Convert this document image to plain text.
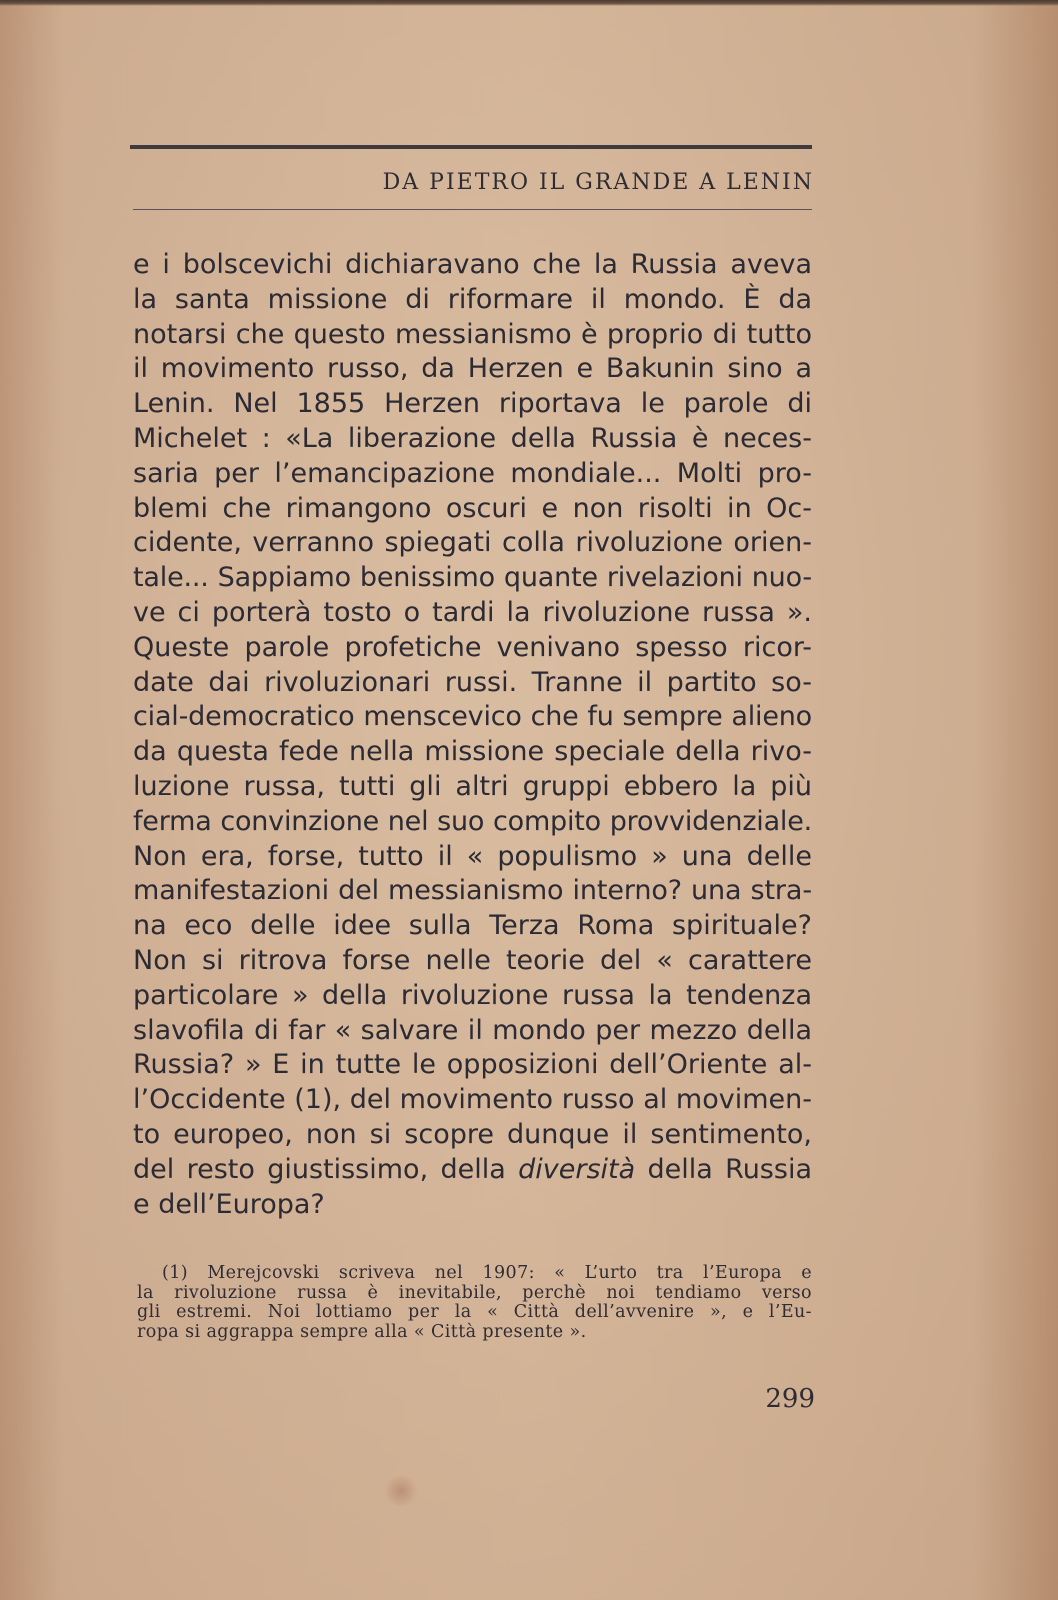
DA PIETRO IL GRANDE A LENIN
e i bolscevichi dichiaravano che la Russia aveva
la santa missione di riformare il mondo. È da
notarsi che questo messianismo è proprio di tutto
il movimento russo, da Herzen e Bakunin sino a
Lenin. Nel 1855 Herzen riportava le parole di
Michelet : «La liberazione della Russia è neces-
saria per l’emancipazione mondiale... Molti pro-
blemi che rimangono oscuri e non risolti in Oc-
cidente, verranno spiegati colla rivoluzione orien-
tale... Sappiamo benissimo quante rivelazioni nuo-
ve ci porterà tosto o tardi la rivoluzione russa ».
Queste parole profetiche venivano spesso ricor-
date dai rivoluzionari russi. Tranne il partito so-
cial-democratico menscevico che fu sempre alieno
da questa fede nella missione speciale della rivo-
luzione russa, tutti gli altri gruppi ebbero la più
ferma convinzione nel suo compito provvidenziale.
Non era, forse, tutto il « populismo » una delle
manifestazioni del messianismo interno? una stra-
na eco delle idee sulla Terza Roma spirituale?
Non si ritrova forse nelle teorie del « carattere
particolare » della rivoluzione russa la tendenza
slavofila di far « salvare il mondo per mezzo della
Russia? » E in tutte le opposizioni dell’Oriente al-
l’Occidente (1), del movimento russo al movimen-
to europeo, non si scopre dunque il sentimento,
del resto giustissimo, della diversità della Russia
e dell’Europa?
(1) Merejcovski scriveva nel 1907: « L’urto tra l’Europa e
la rivoluzione russa è inevitabile, perchè noi tendiamo verso
gli estremi. Noi lottiamo per la « Città dell’avvenire », e l’Eu-
ropa si aggrappa sempre alla « Città presente ».

299
